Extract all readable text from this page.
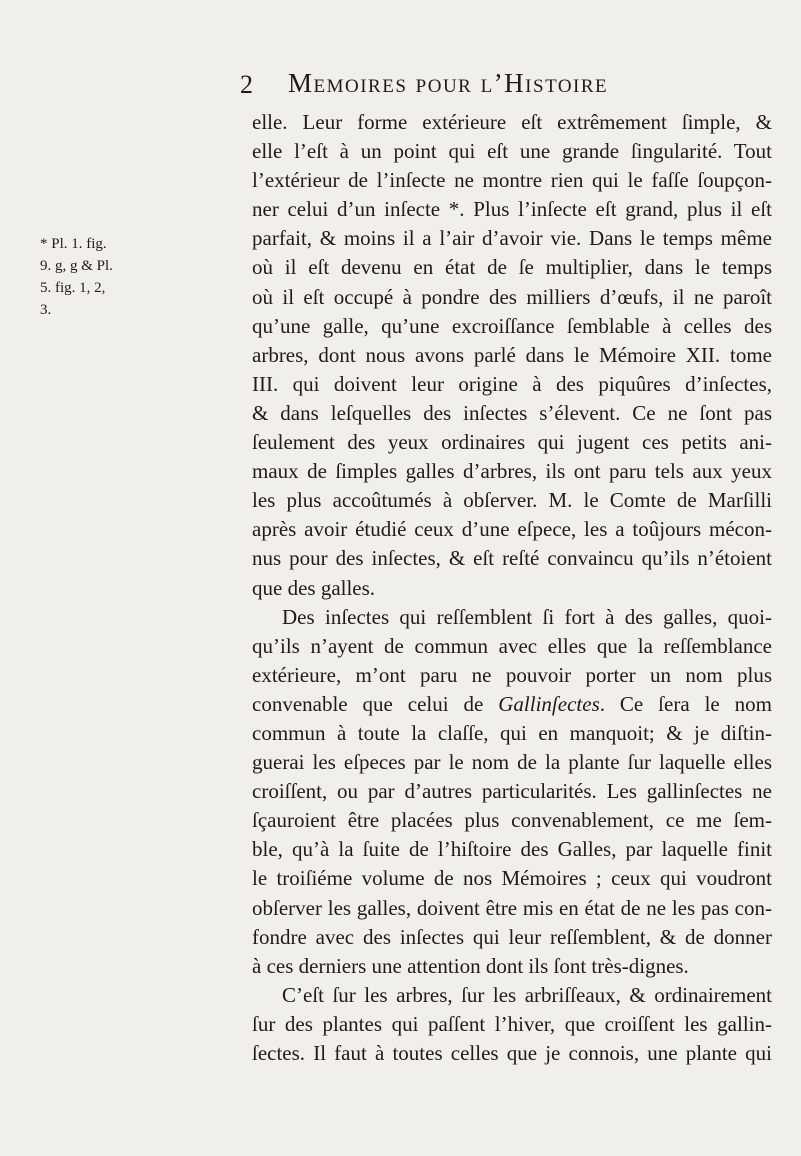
2 Memoires pour l’Histoire
* Pl. 1. fig.
9. g, g & Pl.
5. fig. 1, 2,
3.
elle. Leur forme extérieure eſt extrêmement ſimple, &
elle l’eſt à un point qui eſt une grande ſingularité. Tout
l’extérieur de l’inſecte ne montre rien qui le faſſe ſoupçon-
ner celui d’un inſecte *. Plus l’inſecte eſt grand, plus il eſt
parfait, & moins il a l’air d’avoir vie. Dans le temps même
où il eſt devenu en état de ſe multiplier, dans le temps
où il eſt occupé à pondre des milliers d’œufs, il ne paroît
qu’une galle, qu’une excroiſſance ſemblable à celles des
arbres, dont nous avons parlé dans le Mémoire XII. tome
III. qui doivent leur origine à des piquûres d’inſectes,
& dans leſquelles des inſectes s’élevent. Ce ne ſont pas
ſeulement des yeux ordinaires qui jugent ces petits ani-
maux de ſimples galles d’arbres, ils ont paru tels aux yeux
les plus accoûtumés à obſerver. M. le Comte de Marſilli
après avoir étudié ceux d’une eſpece, les a toûjours mécon-
nus pour des inſectes, & eſt reſté convaincu qu’ils n’étoient
que des galles.
Des inſectes qui reſſemblent ſi fort à des galles, quoi-
qu’ils n’ayent de commun avec elles que la reſſemblance
extérieure, m’ont paru ne pouvoir porter un nom plus
convenable que celui de Gallinſectes. Ce ſera le nom
commun à toute la claſſe, qui en manquoit; & je diſtin-
guerai les eſpeces par le nom de la plante ſur laquelle elles
croiſſent, ou par d’autres particularités. Les gallinſectes ne
ſçauroient être placées plus convenablement, ce me ſem-
ble, qu’à la ſuite de l’hiſtoire des Galles, par laquelle finit
le troiſiéme volume de nos Mémoires ; ceux qui voudront
obſerver les galles, doivent être mis en état de ne les pas con-
fondre avec des inſectes qui leur reſſemblent, & de donner
à ces derniers une attention dont ils ſont très-dignes.
C’eſt ſur les arbres, ſur les arbriſſeaux, & ordinairement
ſur des plantes qui paſſent l’hiver, que croiſſent les gallin-
ſectes. Il faut à toutes celles que je connois, une plante qui
